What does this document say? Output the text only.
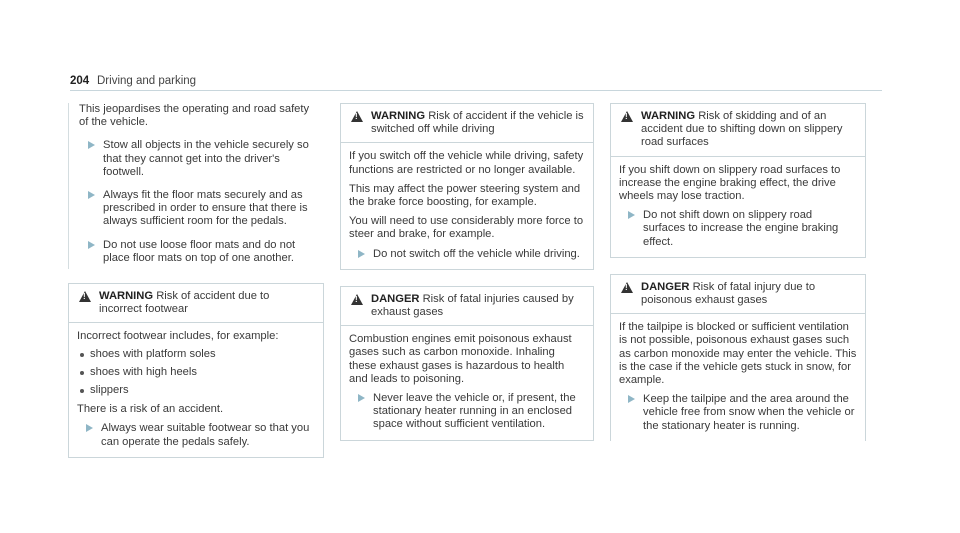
204 Driving and parking

This jeopardises the operating and road safety of the vehicle.

Stow all objects in the vehicle securely so that they cannot get into the driver's footwell.
Always fit the floor mats securely and as prescribed in order to ensure that there is always sufficient room for the pedals.
Do not use loose floor mats and do not place floor mats on top of one another.
!
WARNING Risk of accident due to incorrect footwear

Incorrect footwear includes, for example:

shoes with platform soles
shoes with high heels
slippers

There is a risk of an accident.

Always wear suitable footwear so that you can operate the pedals safely.
!
WARNING Risk of accident if the vehicle is switched off while driving

If you switch off the vehicle while driving, safety functions are restricted or no longer available.

This may affect the power steering system and the brake force boosting, for example.

You will need to use considerably more force to steer and brake, for example.

Do not switch off the vehicle while driving.
!
DANGER Risk of fatal injuries caused by exhaust gases

Combustion engines emit poisonous exhaust gases such as carbon monoxide. Inhaling these exhaust gases is hazardous to health and leads to poisoning.

Never leave the vehicle or, if present, the stationary heater running in an enclosed space without sufficient ventilation.
!
WARNING Risk of skidding and of an accident due to shifting down on slippery road surfaces

If you shift down on slippery road surfaces to increase the engine braking effect, the drive wheels may lose traction.

Do not shift down on slippery road surfaces to increase the engine braking effect.
!
DANGER Risk of fatal injury due to poisonous exhaust gases

If the tailpipe is blocked or sufficient ventilation is not possible, poisonous exhaust gases such as carbon monoxide may enter the vehicle. This is the case if the vehicle gets stuck in snow, for example.

Keep the tailpipe and the area around the vehicle free from snow when the vehicle or the stationary heater is running.
